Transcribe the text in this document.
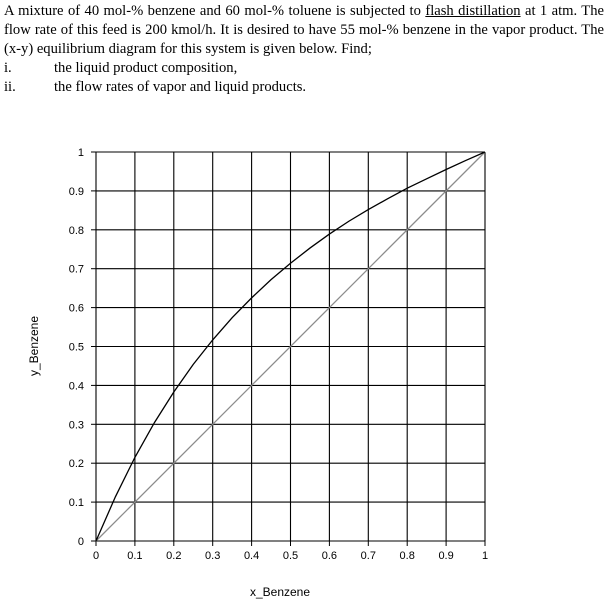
A mixture of 40 mol-% benzene and 60 mol-% toluene is subjected to flash distillation at 1 atm. The flow rate of this feed is 200 kmol/h. It is desired to have 55 mol-% benzene in the vapor product. The (x-y) equilibrium diagram for this system is given below. Find;

i.	the liquid product composition,
ii.	the flow rates of vapor and liquid products.
0	0.1 0.2 0.3 0.4 0.5 0.6 0.7 0.8 0.9	1
0
0.1
0.2
0.3
0.4
0.5
0.6
0.7
0.8
0.9
1
x_Benzene
y_Benzene
